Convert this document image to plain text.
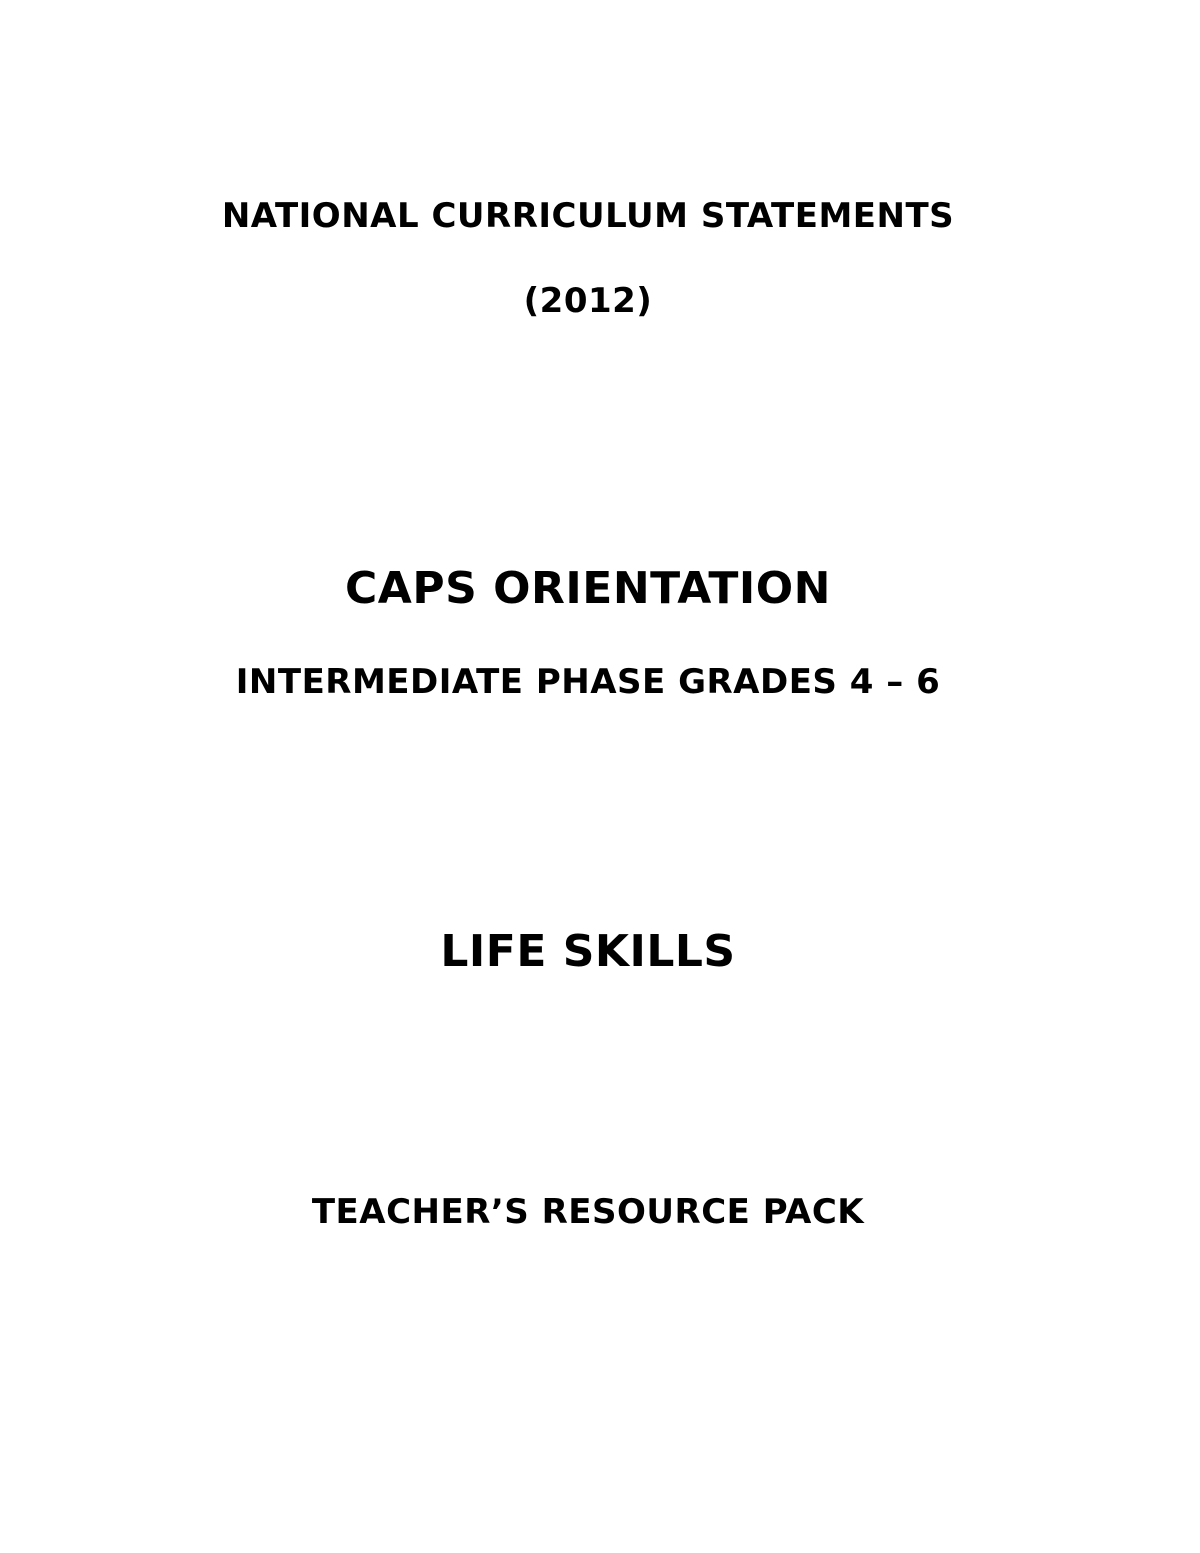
NATIONAL CURRICULUM STATEMENTS
(2012)
CAPS ORIENTATION
INTERMEDIATE PHASE GRADES 4 – 6
LIFE SKILLS
TEACHER’S RESOURCE PACK
